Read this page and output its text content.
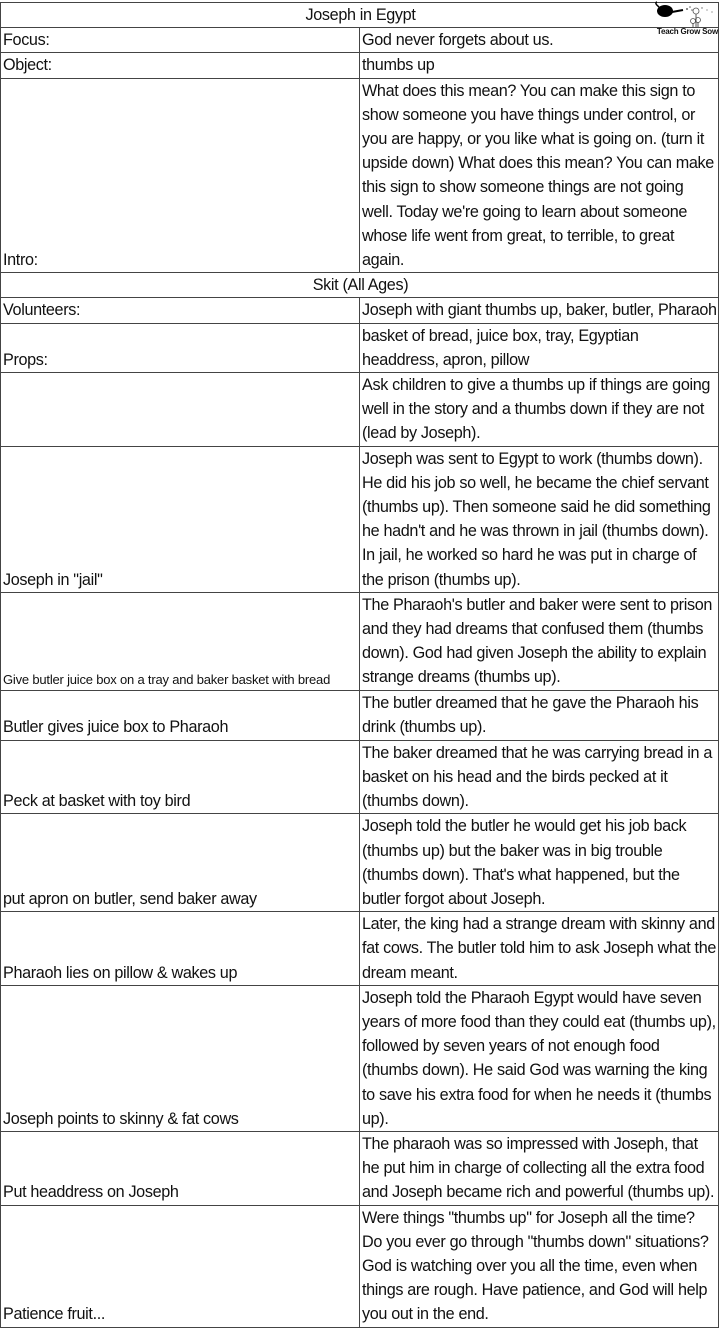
Joseph in Egypt	
Focus:	God never forgets about us.
Object:	thumbs up
Intro:	What does this mean? You can make this sign to show someone you have things under control, or you are happy, or you like what is going on. (turn it upside down) What does this mean? You can make this sign to show someone things are not going well. Today we're going to learn about someone whose life went from great, to terrible, to great again.
Skit (All Ages)	
Volunteers:	Joseph with giant thumbs up, baker, butler, Pharaoh
Props:	basket of bread, juice box, tray, Egyptian headdress, apron, pillow
	Ask children to give a thumbs up if things are going well in the story and a thumbs down if they are not (lead by Joseph).
Joseph in "jail"	Joseph was sent to Egypt to work (thumbs down). He did his job so well, he became the chief servant (thumbs up). Then someone said he did something he hadn't and he was thrown in jail (thumbs down). In jail, he worked so hard he was put in charge of the prison (thumbs up).
Give butler juice box on a tray and baker basket with bread	The Pharaoh's butler and baker were sent to prison and they had dreams that confused them (thumbs down). God had given Joseph the ability to explain strange dreams (thumbs up).
Butler gives juice box to Pharaoh	The butler dreamed that he gave the Pharaoh his drink (thumbs up).
Peck at basket with toy bird	The baker dreamed that he was carrying bread in a basket on his head and the birds pecked at it (thumbs down).
put apron on butler, send baker away	Joseph told the butler he would get his job back (thumbs up) but the baker was in big trouble (thumbs down). That's what happened, but the butler forgot about Joseph.
Pharaoh lies on pillow & wakes up	Later, the king had a strange dream with skinny and fat cows. The butler told him to ask Joseph what the dream meant.
Joseph points to skinny & fat cows	Joseph told the Pharaoh Egypt would have seven years of more food than they could eat (thumbs up), followed by seven years of not enough food (thumbs down). He said God was warning the king to save his extra food for when he needs it (thumbs up).
Put headdress on Joseph	The pharaoh was so impressed with Joseph, that he put him in charge of collecting all the extra food and Joseph became rich and powerful (thumbs up).
Patience fruit...	Were things "thumbs up" for Joseph all the time? Do you ever go through "thumbs down" situations? God is watching over you all the time, even when things are rough. Have patience, and God will help you out in the end.
Teach Grow Sow
